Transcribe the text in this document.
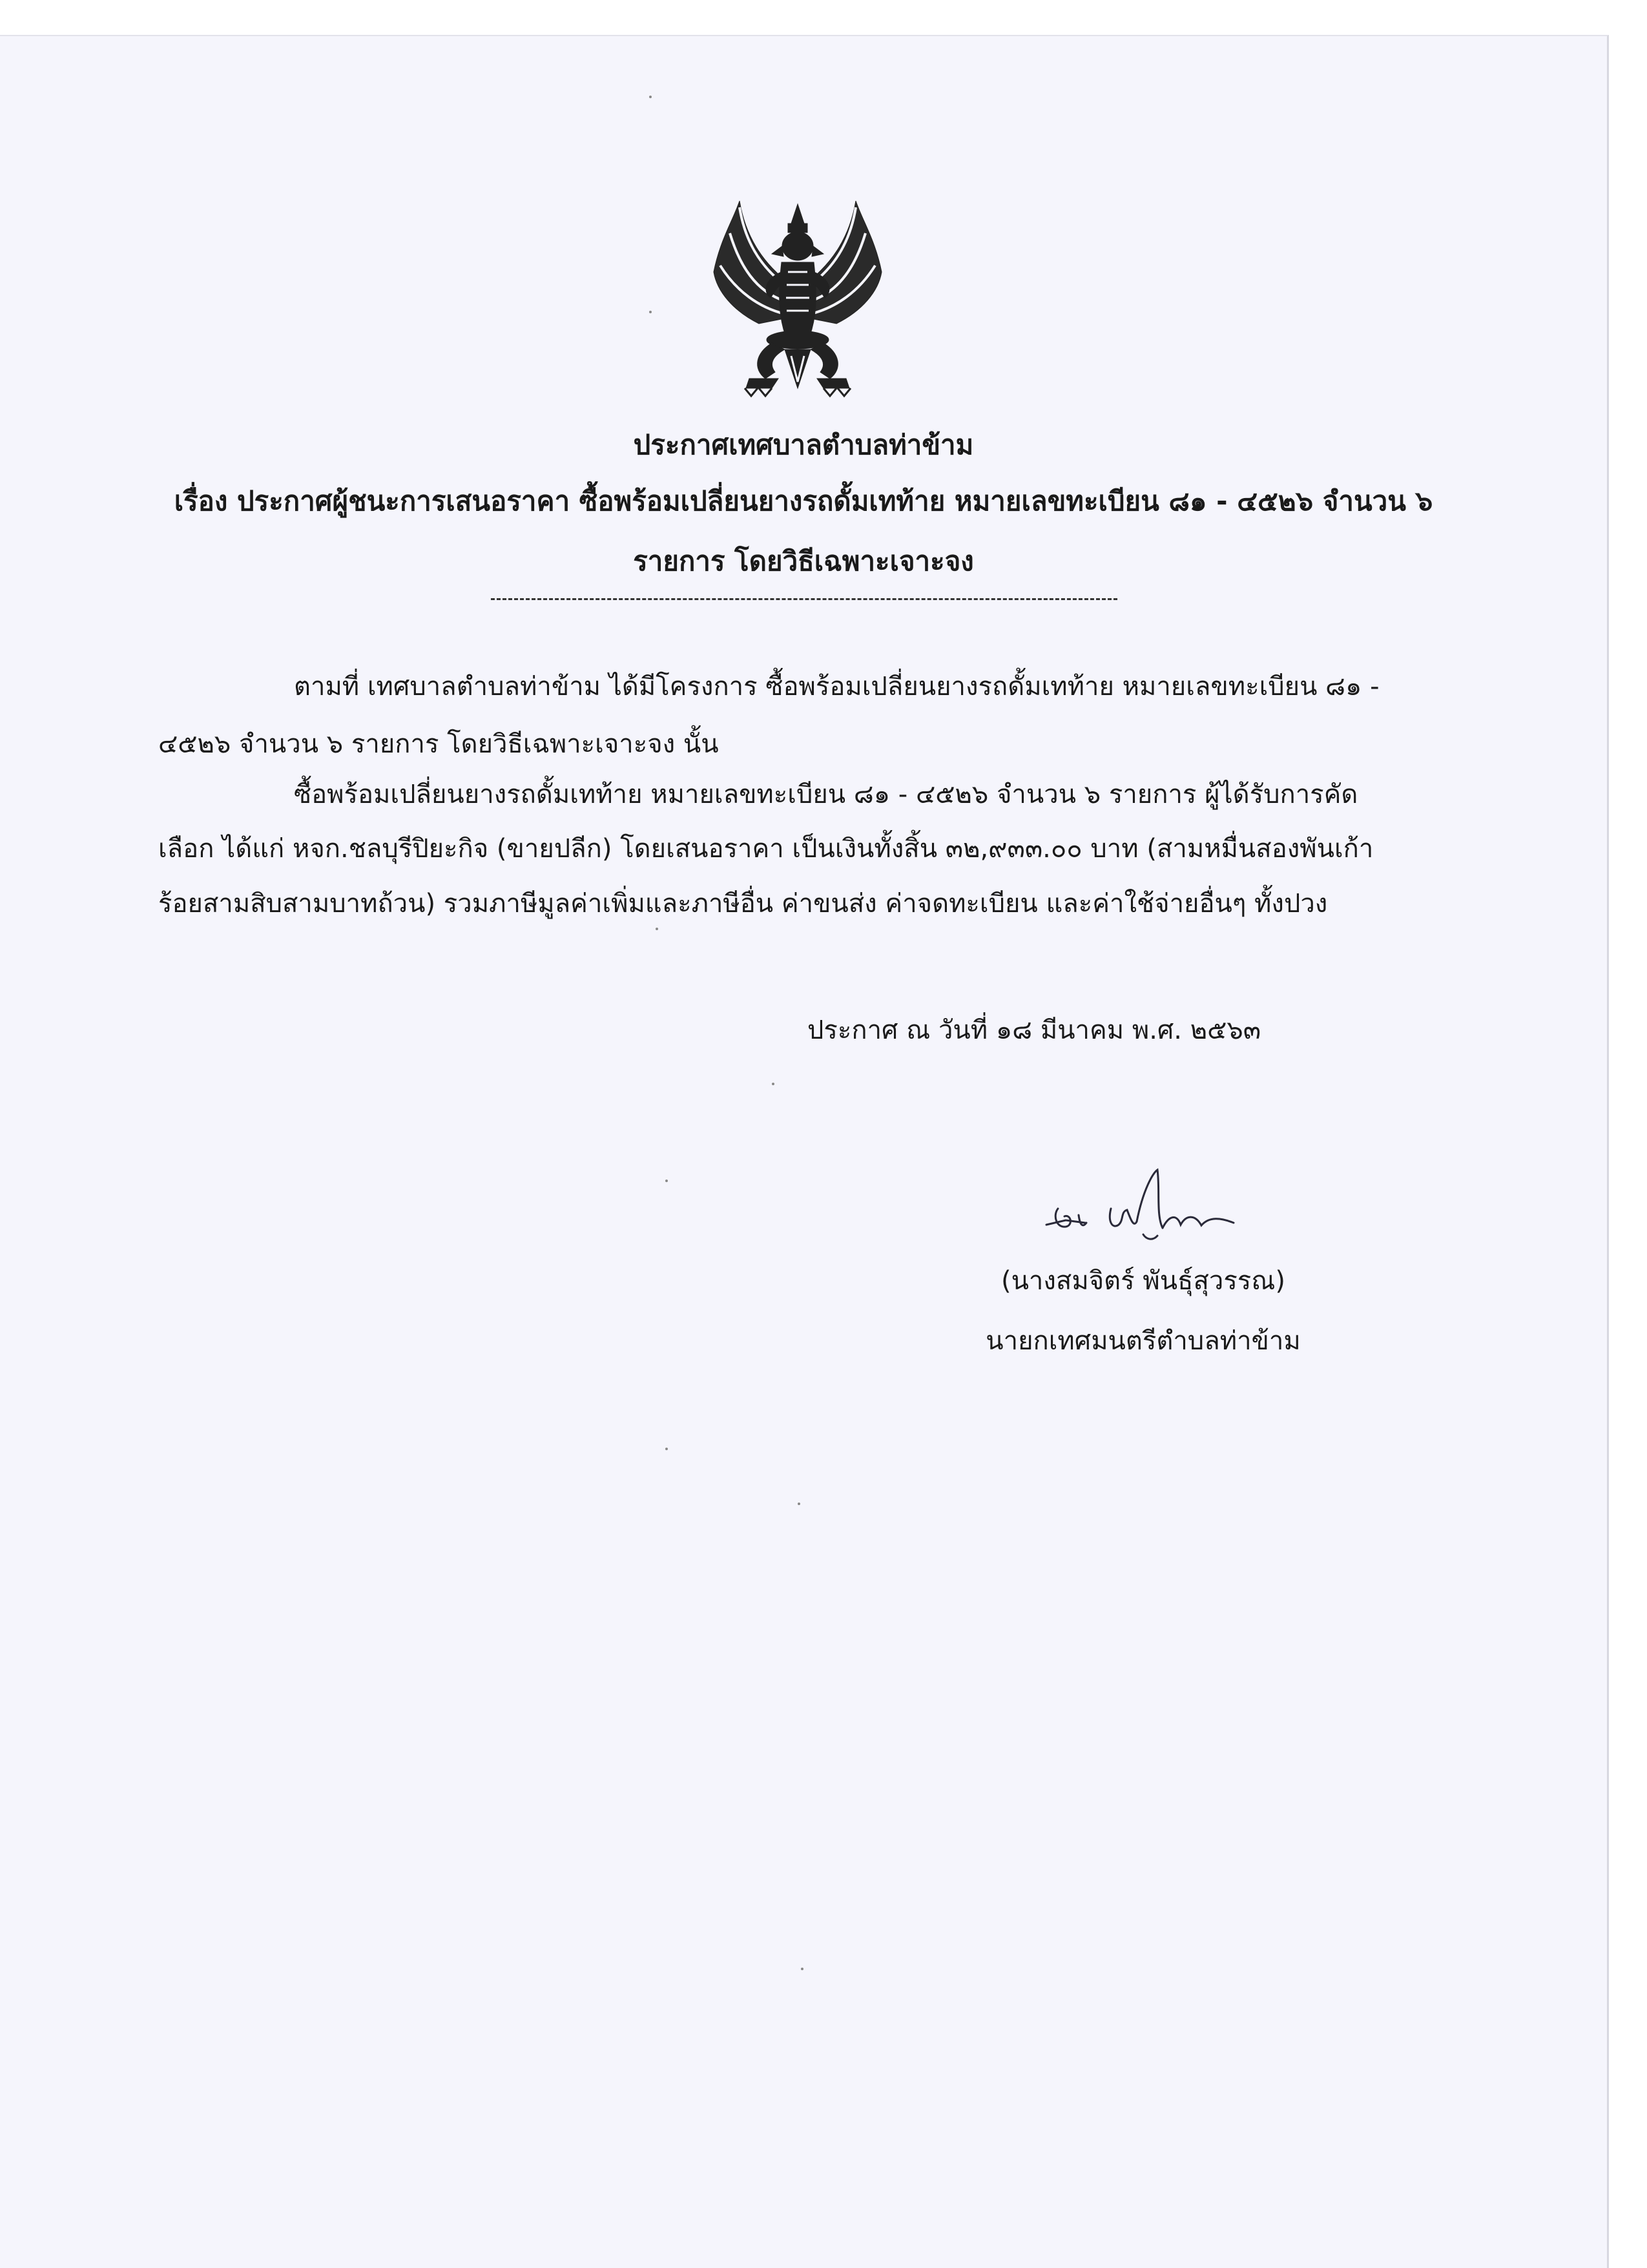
ประกาศเทศบาลตำบลท่าข้าม
เรื่อง ประกาศผู้ชนะการเสนอราคา ซื้อพร้อมเปลี่ยนยางรถดั้มเทท้าย หมายเลขทะเบียน ๘๑ - ๔๕๒๖ จำนวน ๖
รายการ โดยวิธีเฉพาะเจาะจง
ตามที่ เทศบาลตำบลท่าข้าม ได้มีโครงการ ซื้อพร้อมเปลี่ยนยางรถดั้มเทท้าย หมายเลขทะเบียน ๘๑ -
๔๕๒๖ จำนวน ๖ รายการ โดยวิธีเฉพาะเจาะจง นั้น
ซื้อพร้อมเปลี่ยนยางรถดั้มเทท้าย หมายเลขทะเบียน ๘๑ - ๔๕๒๖ จำนวน ๖ รายการ ผู้ได้รับการคัด
เลือก ได้แก่ หจก.ชลบุรีปิยะกิจ (ขายปลีก) โดยเสนอราคา เป็นเงินทั้งสิ้น ๓๒,๙๓๓.๐๐ บาท (สามหมื่นสองพันเก้า
ร้อยสามสิบสามบาทถ้วน) รวมภาษีมูลค่าเพิ่มและภาษีอื่น ค่าขนส่ง ค่าจดทะเบียน และค่าใช้จ่ายอื่นๆ ทั้งปวง
ประกาศ ณ วันที่ ๑๘ มีนาคม พ.ศ. ๒๕๖๓
(นางสมจิตร์ พันธุ์สุวรรณ)
นายกเทศมนตรีตำบลท่าข้าม
